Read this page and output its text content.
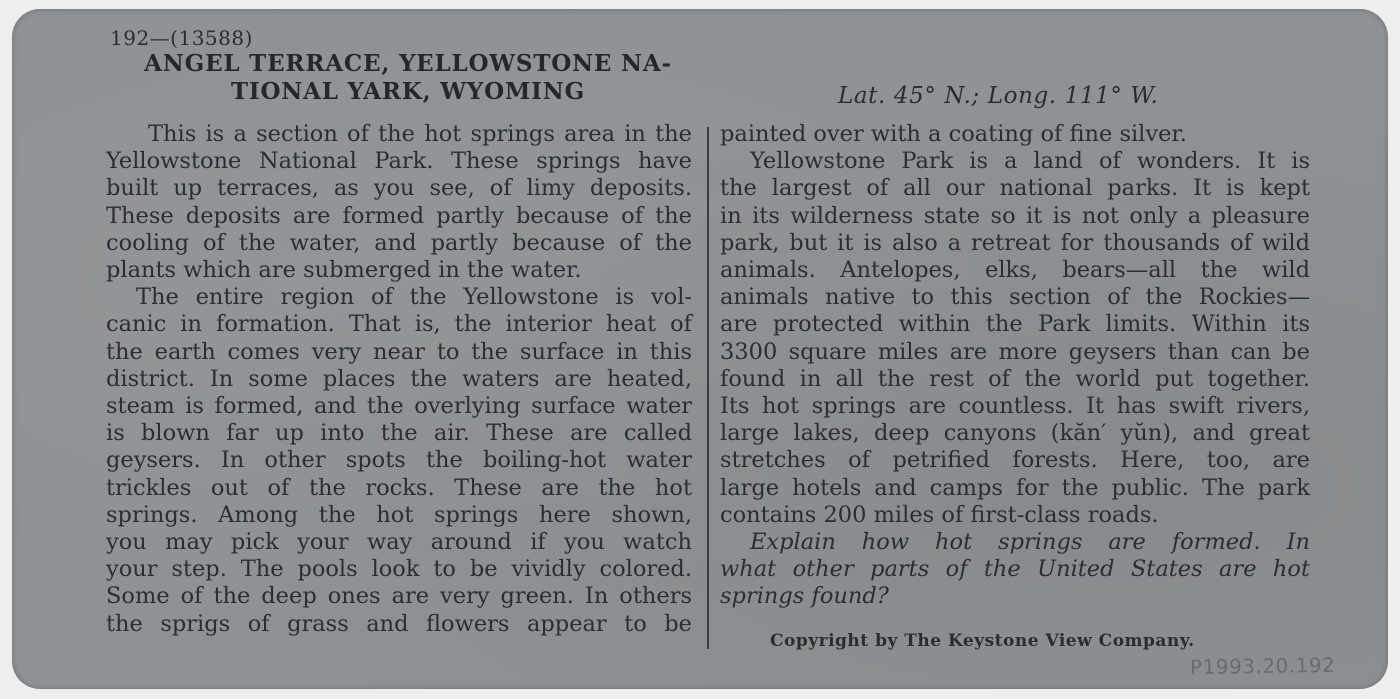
192—(13588)
ANGEL TERRACE, YELLOWSTONE NA-
TIONAL YARK, WYOMING	Lat. 45° N.; Long. 111° W.

This is a section of the hot springs area in the

Yellowstone National Park. These springs have

built up terraces, as you see, of limy deposits.

These deposits are formed partly because of the

cooling of the water, and partly because of the

plants which are submerged in the water.

The entire region of the Yellowstone is vol-

canic in formation. That is, the interior heat of

the earth comes very near to the surface in this

district. In some places the waters are heated,

steam is formed, and the overlying surface water

is blown far up into the air. These are called

geysers. In other spots the boiling-hot water

trickles out of the rocks. These are the hot

springs. Among the hot springs here shown,

you may pick your way around if you watch

your step. The pools look to be vividly colored.

Some of the deep ones are very green. In others

the sprigs of grass and flowers appear to be

painted over with a coating of fine silver.

Yellowstone Park is a land of wonders. It is

the largest of all our national parks. It is kept

in its wilderness state so it is not only a pleasure

park, but it is also a retreat for thousands of wild

animals. Antelopes, elks, bears—all the wild

animals native to this section of the Rockies—

are protected within the Park limits. Within its

3300 square miles are more geysers than can be

found in all the rest of the world put together.

Its hot springs are countless. It has swift rivers,

large lakes, deep canyons (kăn′ yŭn), and great

stretches of petrified forests. Here, too, are

large hotels and camps for the public. The park

contains 200 miles of first-class roads.

Explain how hot springs are formed. In

what other parts of the United States are hot

springs found?

Copyright by The Keystone View Company.
P1993.20.192
